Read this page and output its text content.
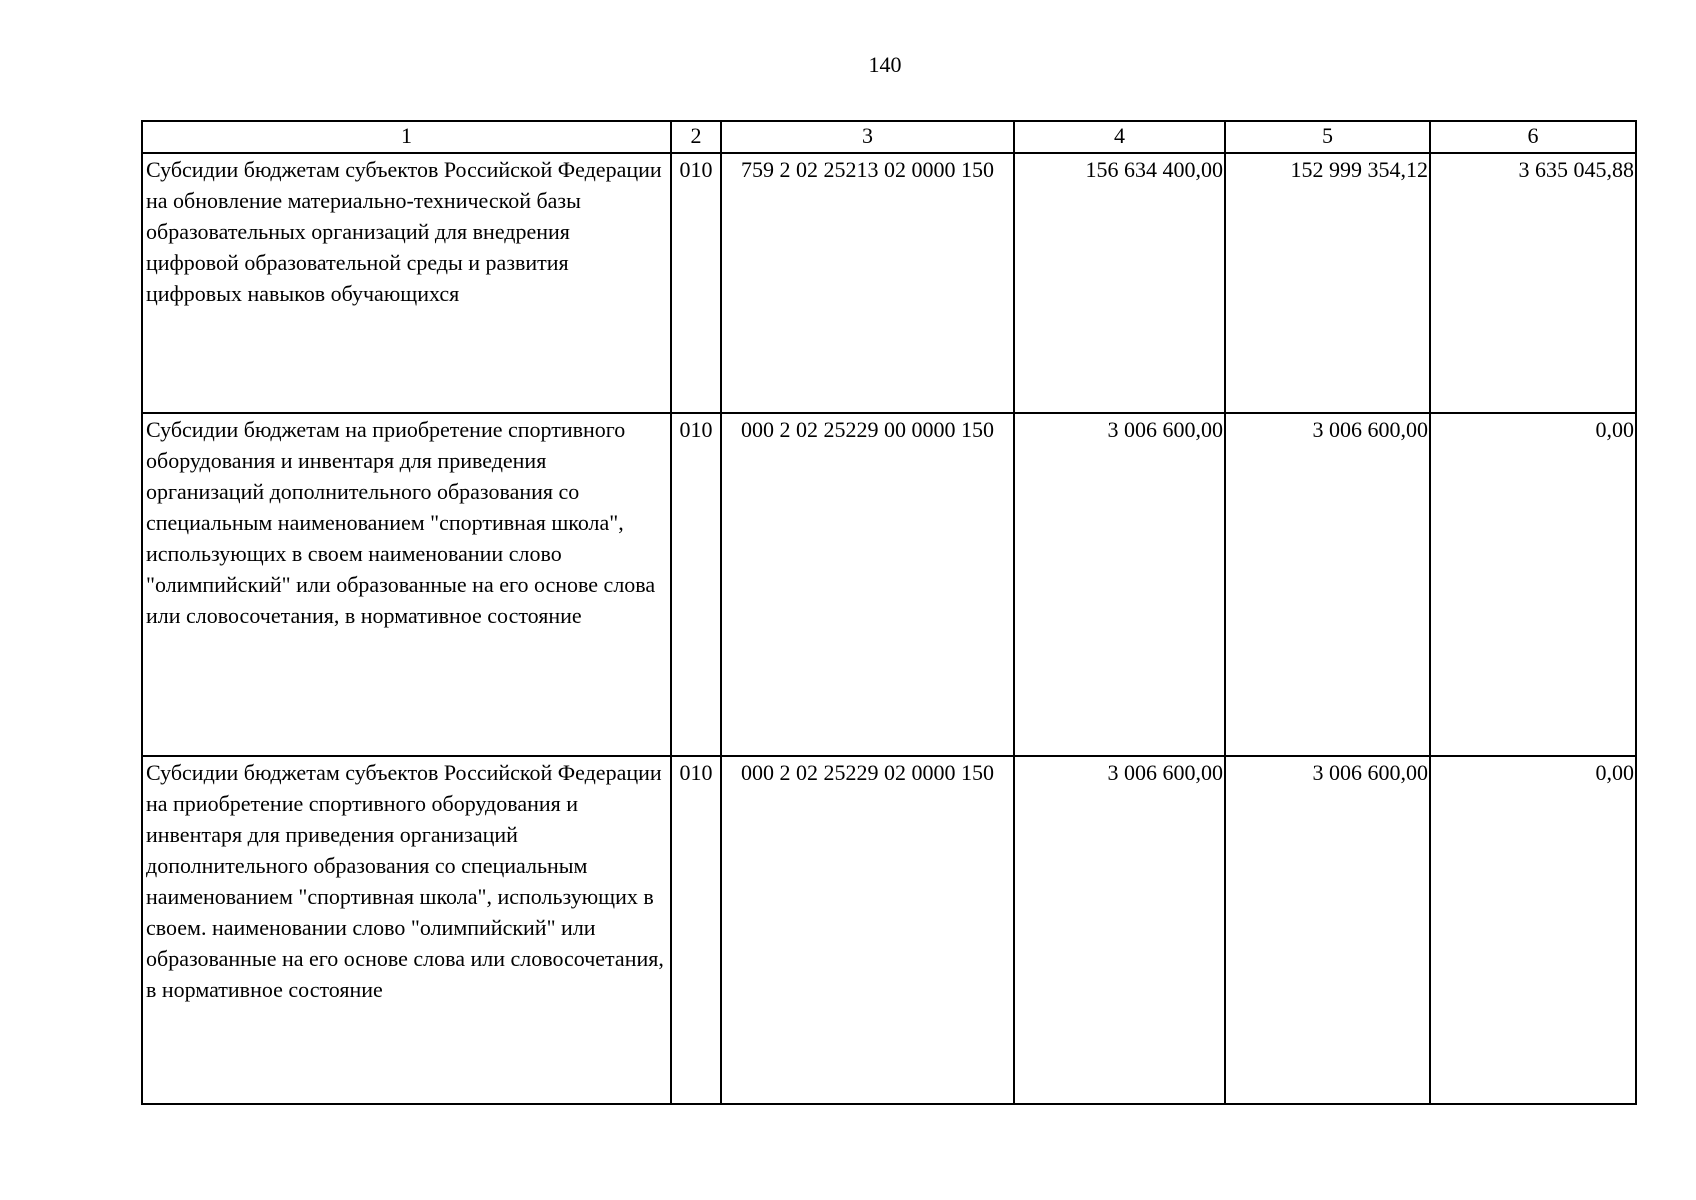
140
1	2	3	4	5	6
Субсидии бюджетам субъектов Российской Федерации на обновление материально-технической базы образовательных организаций для внедрения цифровой образовательной среды и развития цифровых навыков обучающихся	010	759 2 02 25213 02 0000 150	156 634 400,00	152 999 354,12	3 635 045,88
Субсидии бюджетам на приобретение спортивного оборудования и инвентаря для приведения организаций дополнительного образования со специальным наименованием "спортивная школа", использующих в своем наименовании слово "олимпийский" или образованные на его основе слова или словосочетания, в нормативное состояние	010	000 2 02 25229 00 0000 150	3 006 600,00	3 006 600,00	0,00
Субсидии бюджетам субъектов Российской Федерации на приобретение спортивного оборудования и инвентаря для приведения организаций дополнительного образования со специальным наименованием "спортивная школа", использующих в своем. наименовании слово "олимпийский" или образованные на его основе слова или словосочетания, в нормативное состояние	010	000 2 02 25229 02 0000 150	3 006 600,00	3 006 600,00	0,00
